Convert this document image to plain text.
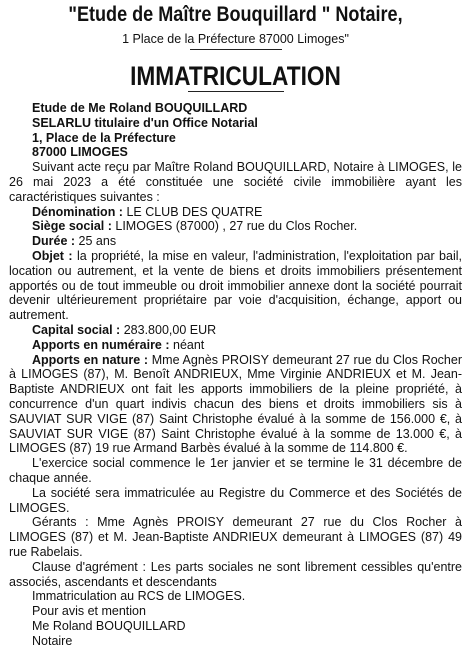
"Etude de Maître Bouquillard " Notaire,
1 Place de la Préfecture 87000 Limoges"
IMMATRICULATION
Etude de Me Roland BOUQUILLARD
SELARLU titulaire d'un Office Notarial
1, Place de la Préfecture
87000 LIMOGES

Suivant acte reçu par Maître Roland BOUQUILLARD, Notaire à LIMOGES, le 26 mai 2023 a été constituée une société civile immobilière ayant les caractéristiques suivantes :

Dénomination : LE CLUB DES QUATRE

Siège social : LIMOGES (87000) , 27 rue du Clos Rocher.

Durée : 25 ans

Objet : la propriété, la mise en valeur, l'administration, l'exploitation par bail, location ou autrement, et la vente de biens et droits immobiliers présentement apportés ou de tout immeuble ou droit immobilier annexe dont la société pourrait devenir ultérieurement propriétaire par voie d'acquisition, échange, apport ou autrement.

Capital social : 283.800,00 EUR

Apports en numéraire : néant

Apports en nature : Mme Agnès PROISY demeurant 27 rue du Clos Rocher à LIMOGES (87), M. Benoît ANDRIEUX, Mme Virginie ANDRIEUX et M. Jean-Baptiste ANDRIEUX ont fait les apports immobiliers de la pleine propriété, à concurrence d'un quart indivis chacun des biens et droits immobiliers sis à SAUVIAT SUR VIGE (87) Saint Christophe évalué à la somme de 156.000 €, à SAUVIAT SUR VIGE (87) Saint Christophe évalué à la somme de 13.000 €, à LIMOGES (87) 19 rue Armand Barbès évalué à la somme de 114.800 €.

L'exercice social commence le 1er janvier et se termine le 31 décembre de chaque année.

La société sera immatriculée au Registre du Commerce et des Sociétés de LIMOGES.

Gérants : Mme Agnès PROISY demeurant 27 rue du Clos Rocher à LIMOGES (87) et M. Jean-Baptiste ANDRIEUX demeurant à LIMOGES (87) 49 rue Rabelais.

Clause d'agrément : Les parts sociales ne sont librement cessibles qu'entre associés, ascendants et descendants

Immatriculation au RCS de LIMOGES.

Pour avis et mention

Me Roland BOUQUILLARD

Notaire
